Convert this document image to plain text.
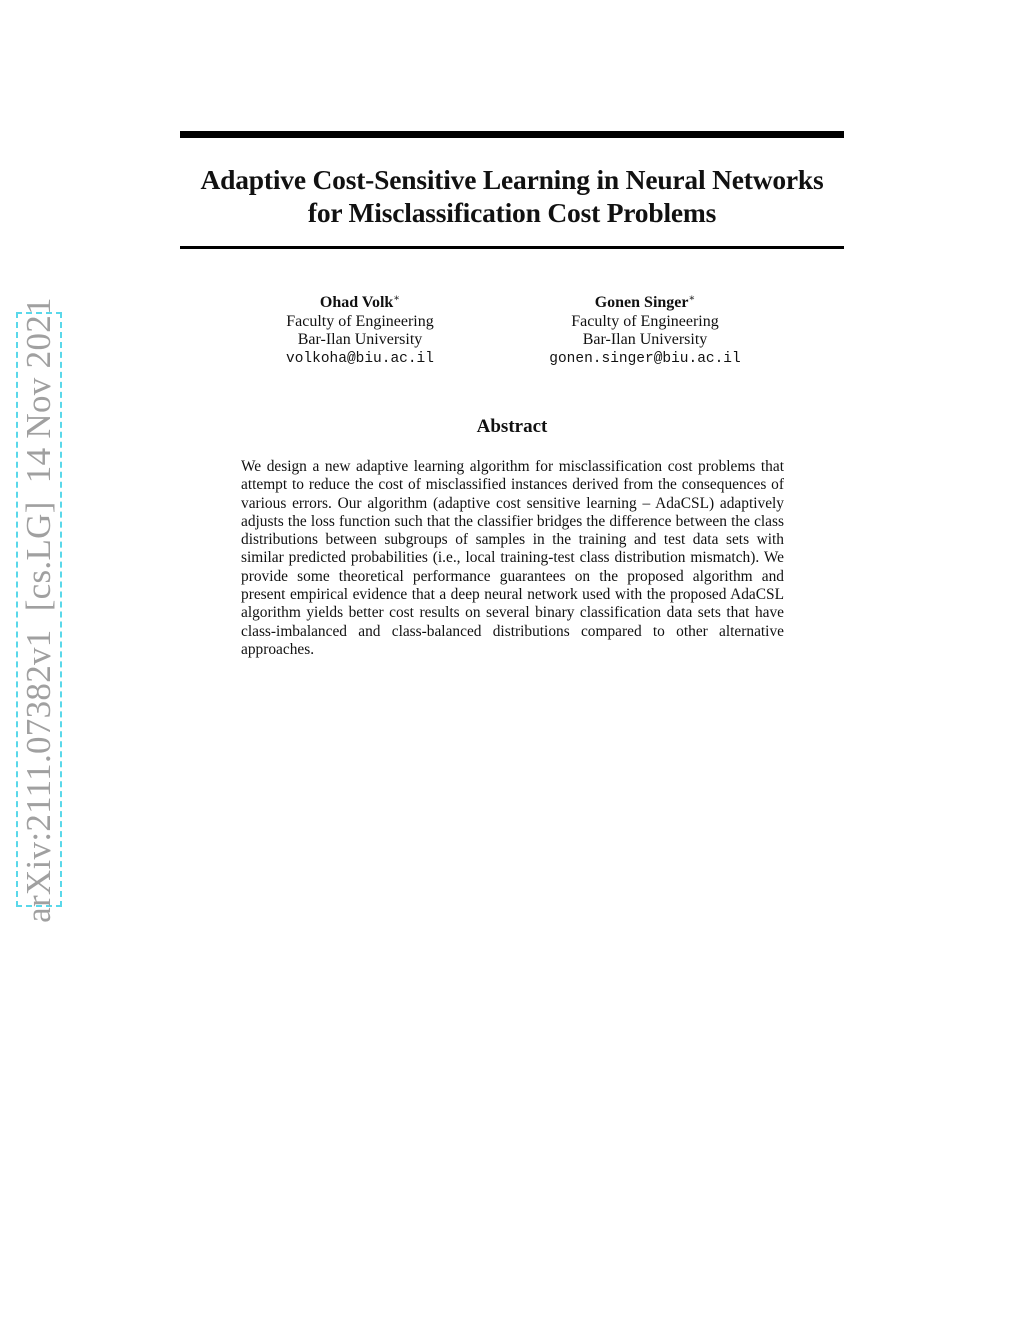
Adaptive Cost-Sensitive Learning in Neural Networks
for Misclassification Cost Problems
Ohad Volk∗
Faculty of Engineering
Bar-Ilan University
volkoha@biu.ac.il
Gonen Singer∗
Faculty of Engineering
Bar-Ilan University
gonen.singer@biu.ac.il
Abstract

We design a new adaptive learning algorithm for misclassification cost problems that attempt to reduce the cost of misclassified instances derived from the consequences of various errors. Our algorithm (adaptive cost sensitive learning – AdaCSL) adaptively adjusts the loss function such that the classifier bridges the difference between the class distributions between subgroups of samples in the training and test data sets with similar predicted probabilities (i.e., local training-test class distribution mismatch). We provide some theoretical performance guarantees on the proposed algorithm and present empirical evidence that a deep neural network used with the proposed AdaCSL algorithm yields better cost results on several binary classification data sets that have class-imbalanced and class-balanced distributions compared to other alternative approaches.

arXiv:2111.07382v1  [cs.LG]  14 Nov 2021
